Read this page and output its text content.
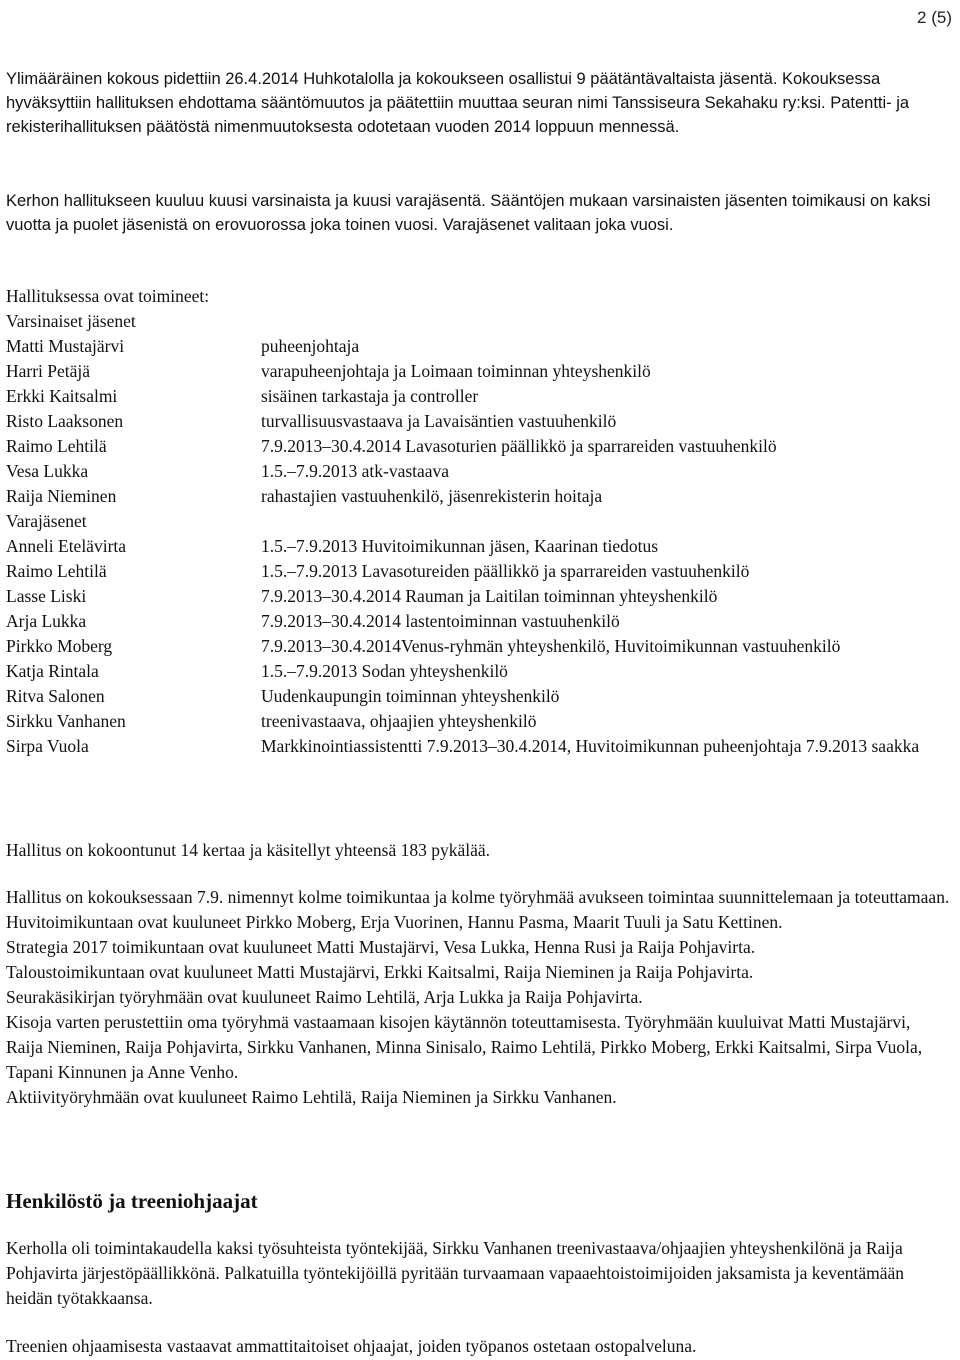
2 (5)

Ylimääräinen kokous pidettiin 26.4.2014 Huhkotalolla ja kokoukseen osallistui 9 päätäntävaltaista jäsentä. Kokouksessa hyväksyttiin hallituksen ehdottama sääntömuutos ja päätettiin muuttaa seuran nimi Tanssiseura Sekahaku ry:ksi. Patentti- ja rekisterihallituksen päätöstä nimenmuutoksesta odotetaan vuoden 2014 loppuun mennessä.

Kerhon hallitukseen kuuluu kuusi varsinaista ja kuusi varajäsentä. Sääntöjen mukaan varsinaisten jäsenten toimikausi on kaksi vuotta ja puolet jäsenistä on erovuorossa joka toinen vuosi. Varajäsenet valitaan joka vuosi.

Hallituksessa ovat toimineet:

Varsinaiset jäsenet
Matti Mustajärvi	puheenjohtaja
Harri Petäjä	varapuheenjohtaja ja Loimaan toiminnan yhteyshenkilö
Erkki Kaitsalmi	sisäinen tarkastaja ja controller
Risto Laaksonen	turvallisuusvastaava ja Lavaisäntien vastuuhenkilö
Raimo Lehtilä	7.9.2013–30.4.2014 Lavasoturien päällikkö ja sparrareiden vastuuhenkilö
Vesa Lukka	1.5.–7.9.2013 atk-vastaava
Raija Nieminen	rahastajien vastuuhenkilö, jäsenrekisterin hoitaja
Varajäsenet
Anneli Etelävirta	1.5.–7.9.2013 Huvitoimikunnan jäsen, Kaarinan tiedotus
Raimo Lehtilä	1.5.–7.9.2013 Lavasotureiden päällikkö ja sparrareiden vastuuhenkilö
Lasse Liski	7.9.2013–30.4.2014 Rauman ja Laitilan toiminnan yhteyshenkilö
Arja Lukka	7.9.2013–30.4.2014 lastentoiminnan vastuuhenkilö
Pirkko Moberg	7.9.2013–30.4.2014Venus-ryhmän yhteyshenkilö, Huvitoimikunnan vastuuhenkilö
Katja Rintala	1.5.–7.9.2013 Sodan yhteyshenkilö
Ritva Salonen	Uudenkaupungin toiminnan yhteyshenkilö
Sirkku Vanhanen	treenivastaava, ohjaajien yhteyshenkilö
Sirpa Vuola	Markkinointiassistentti 7.9.2013–30.4.2014, Huvitoimikunnan puheenjohtaja 7.9.2013 saakka

Hallitus on kokoontunut 14 kertaa ja käsitellyt yhteensä 183 pykälää.

Hallitus on kokouksessaan 7.9. nimennyt kolme toimikuntaa ja kolme työryhmää avukseen toimintaa suunnittelemaan ja toteuttamaan.

Huvitoimikuntaan ovat kuuluneet Pirkko Moberg, Erja Vuorinen, Hannu Pasma, Maarit Tuuli ja Satu Kettinen.

Strategia 2017 toimikuntaan ovat kuuluneet Matti Mustajärvi, Vesa Lukka, Henna Rusi ja Raija Pohjavirta.

Taloustoimikuntaan ovat kuuluneet Matti Mustajärvi, Erkki Kaitsalmi, Raija Nieminen ja Raija Pohjavirta.

Seurakäsikirjan työryhmään ovat kuuluneet Raimo Lehtilä, Arja Lukka ja Raija Pohjavirta.

Kisoja varten perustettiin oma työryhmä vastaamaan kisojen käytännön toteuttamisesta. Työryhmään kuuluivat Matti Mustajärvi, Raija Nieminen, Raija Pohjavirta, Sirkku Vanhanen, Minna Sinisalo, Raimo Lehtilä, Pirkko Moberg, Erkki Kaitsalmi, Sirpa Vuola, Tapani Kinnunen ja Anne Venho.

Aktiivityöryhmään ovat kuuluneet Raimo Lehtilä, Raija Nieminen ja Sirkku Vanhanen.

Henkilöstö ja treeniohjaajat

Kerholla oli toimintakaudella kaksi työsuhteista työntekijää, Sirkku Vanhanen treenivastaava/ohjaajien yhteyshenkilönä ja Raija Pohjavirta järjestöpäällikkönä. Palkatuilla työntekijöillä pyritään turvaamaan vapaaehtoistoimijoiden jaksamista ja keventämään heidän työtakkaansa.

Treenien ohjaamisesta vastaavat ammattitaitoiset ohjaajat, joiden työpanos ostetaan ostopalveluna.
